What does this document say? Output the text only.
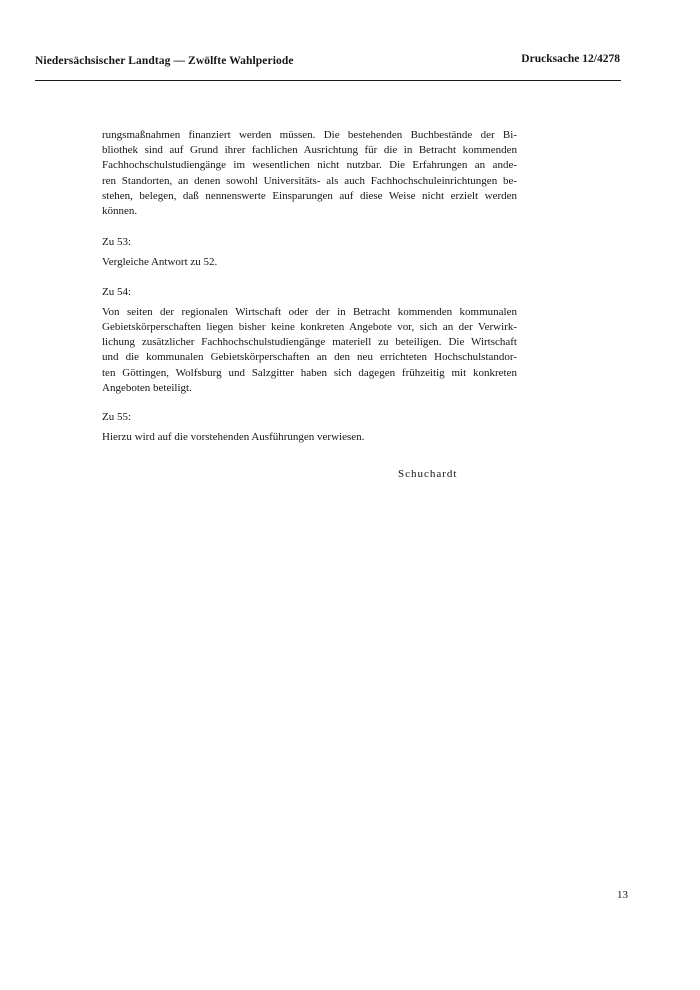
Niedersächsischer Landtag — Zwölfte Wahlperiode	Drucksache 12/4278
rungsmaßnahmen finanziert werden müssen. Die bestehenden Buchbestände der Bi-
bliothek sind auf Grund ihrer fachlichen Ausrichtung für die in Betracht kommenden
Fachhochschulstudiengänge im wesentlichen nicht nutzbar. Die Erfahrungen an ande-
ren Standorten, an denen sowohl Universitäts- als auch Fachhochschuleinrichtungen be-
stehen, belegen, daß nennenswerte Einsparungen auf diese Weise nicht erzielt werden
können.
Zu 53:
Vergleiche Antwort zu 52.
Zu 54:
Von seiten der regionalen Wirtschaft oder der in Betracht kommenden kommunalen
Gebietskörperschaften liegen bisher keine konkreten Angebote vor, sich an der Verwirk-
lichung zusätzlicher Fachhochschulstudiengänge materiell zu beteiligen. Die Wirtschaft
und die kommunalen Gebietskörperschaften an den neu errichteten Hochschulstandor-
ten Göttingen, Wolfsburg und Salzgitter haben sich dagegen frühzeitig mit konkreten
Angeboten beteiligt.
Zu 55:
Hierzu wird auf die vorstehenden Ausführungen verwiesen.
Schuchardt
13
